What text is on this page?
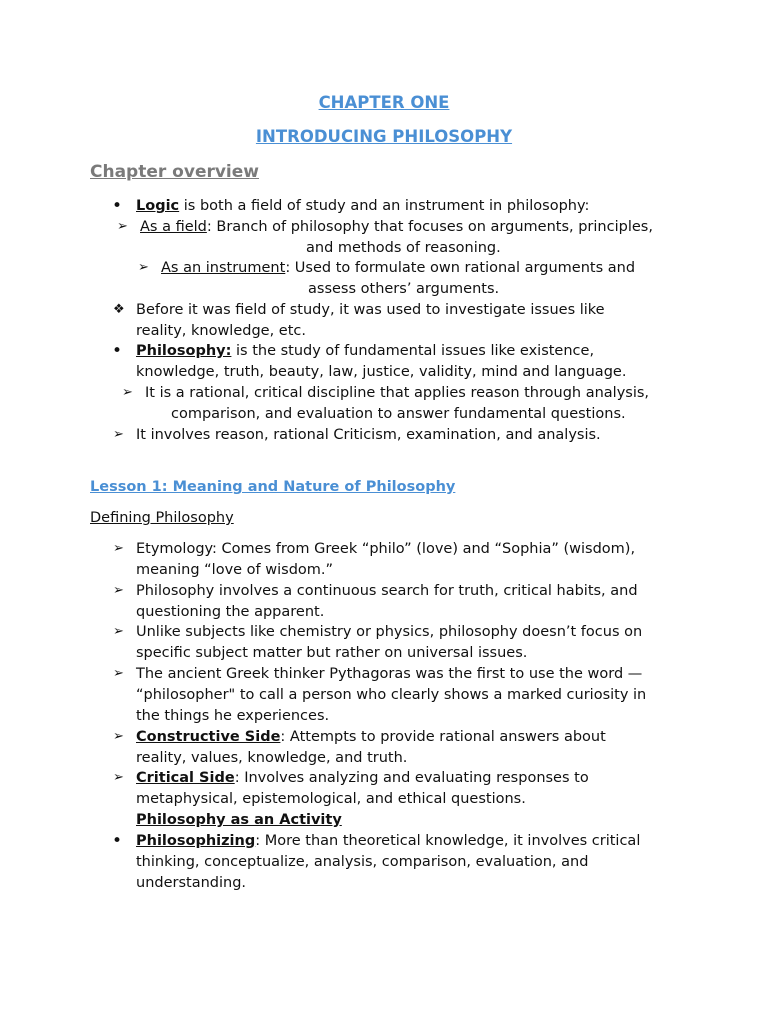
CHAPTER ONE
INTRODUCING PHILOSOPHY
Chapter overview
• Logic is both a field of study and an instrument in philosophy:
➢ As a field: Branch of philosophy that focuses on arguments, principles,
and methods of reasoning.
➢ As an instrument: Used to formulate own rational arguments and
assess others’ arguments.
❖ Before it was field of study, it was used to investigate issues like
reality, knowledge, etc.
• Philosophy: is the study of fundamental issues like existence,
knowledge, truth, beauty, law, justice, validity, mind and language.
➢ It is a rational, critical discipline that applies reason through analysis,
comparison, and evaluation to answer fundamental questions.
➢ It involves reason, rational Criticism, examination, and analysis.
Lesson 1: Meaning and Nature of Philosophy
Defining Philosophy
➢ Etymology: Comes from Greek “philo” (love) and “Sophia” (wisdom),
meaning “love of wisdom.”
➢ Philosophy involves a continuous search for truth, critical habits, and
questioning the apparent.
➢ Unlike subjects like chemistry or physics, philosophy doesn’t focus on
specific subject matter but rather on universal issues.
➢ The ancient Greek thinker Pythagoras was the first to use the word —
“philosopher" to call a person who clearly shows a marked curiosity in
the things he experiences.
➢ Constructive Side: Attempts to provide rational answers about
reality, values, knowledge, and truth.
➢ Critical Side: Involves analyzing and evaluating responses to
metaphysical, epistemological, and ethical questions.
Philosophy as an Activity
• Philosophizing: More than theoretical knowledge, it involves critical
thinking, conceptualize, analysis, comparison, evaluation, and
understanding.
